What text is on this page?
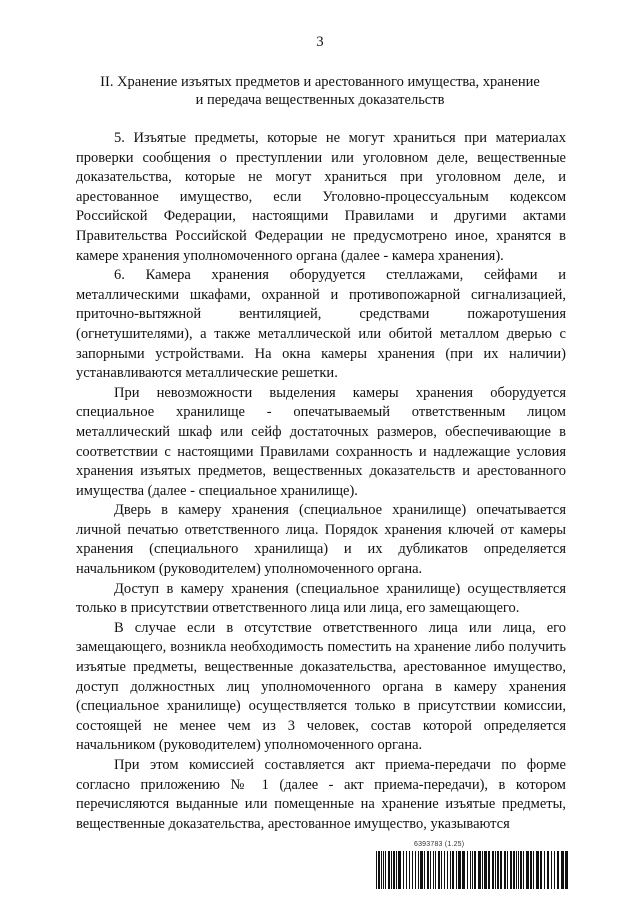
3
II. Хранение изъятых предметов и арестованного имущества, хранение и передача вещественных доказательств

5. Изъятые предметы, которые не могут храниться при материалах проверки сообщения о преступлении или уголовном деле, вещественные доказательства, которые не могут храниться при уголовном деле, и арестованное имущество, если Уголовно-процессуальным кодексом Российской Федерации, настоящими Правилами и другими актами Правительства Российской Федерации не предусмотрено иное, хранятся в камере хранения уполномоченного органа (далее - камера хранения).

6. Камера хранения оборудуется стеллажами, сейфами и металлическими шкафами, охранной и противопожарной сигнализацией, приточно-вытяжной вентиляцией, средствами пожаротушения (огнетушителями), а также металлической или обитой металлом дверью с запорными устройствами. На окна камеры хранения (при их наличии) устанавливаются металлические решетки.

При невозможности выделения камеры хранения оборудуется специальное хранилище - опечатываемый ответственным лицом металлический шкаф или сейф достаточных размеров, обеспечивающие в соответствии с настоящими Правилами сохранность и надлежащие условия хранения изъятых предметов, вещественных доказательств и арестованного имущества (далее - специальное хранилище).

Дверь в камеру хранения (специальное хранилище) опечатывается личной печатью ответственного лица. Порядок хранения ключей от камеры хранения (специального хранилища) и их дубликатов определяется начальником (руководителем) уполномоченного органа.

Доступ в камеру хранения (специальное хранилище) осуществляется только в присутствии ответственного лица или лица, его замещающего.

В случае если в отсутствие ответственного лица или лица, его замещающего, возникла необходимость поместить на хранение либо получить изъятые предметы, вещественные доказательства, арестованное имущество, доступ должностных лиц уполномоченного органа в камеру хранения (специальное хранилище) осуществляется только в присутствии комиссии, состоящей не менее чем из 3 человек, состав которой определяется начальником (руководителем) уполномоченного органа.

При этом комиссией составляется акт приема-передачи по форме согласно приложению № 1 (далее - акт приема-передачи), в котором перечисляются выданные или помещенные на хранение изъятые предметы, вещественные доказательства, арестованное имущество, указываются

6393783 (1.25)
